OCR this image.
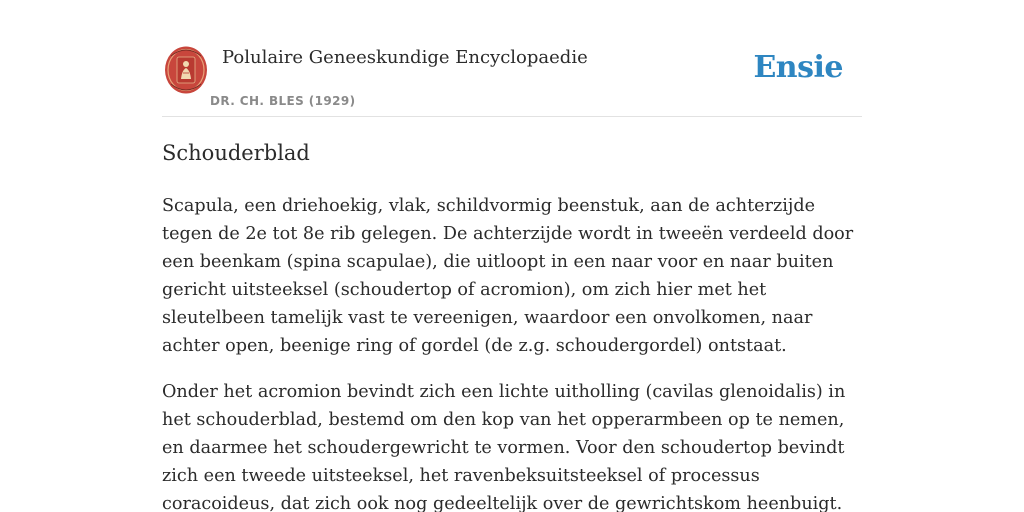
Polulaire Geneeskundige Encyclopaedie
DR. CH. BLES (1929)
Ensie
Schouderblad

Scapula, een driehoekig, vlak, schildvormig beenstuk, aan de achterzijde tegen de 2e tot 8e rib gelegen. De achterzijde wordt in tweeën verdeeld door een beenkam (spina scapulae), die uitloopt in een naar voor en naar buiten gericht uitsteeksel (schoudertop of acromion), om zich hier met het sleutelbeen tamelijk vast te vereenigen, waardoor een onvolkomen, naar achter open, beenige ring of gordel (de z.g. schoudergordel) ontstaat.

Onder het acromion bevindt zich een lichte uitholling (cavilas glenoidalis) in het schouderblad, bestemd om den kop van het opperarmbeen op te nemen, en daarmee het schoudergewricht te vormen. Voor den schoudertop bevindt zich een tweede uitsteeksel, het ravenbeksuitsteeksel of processus coracoideus, dat zich ook nog gedeeltelijk over de gewrichtskom heenbuigt.
